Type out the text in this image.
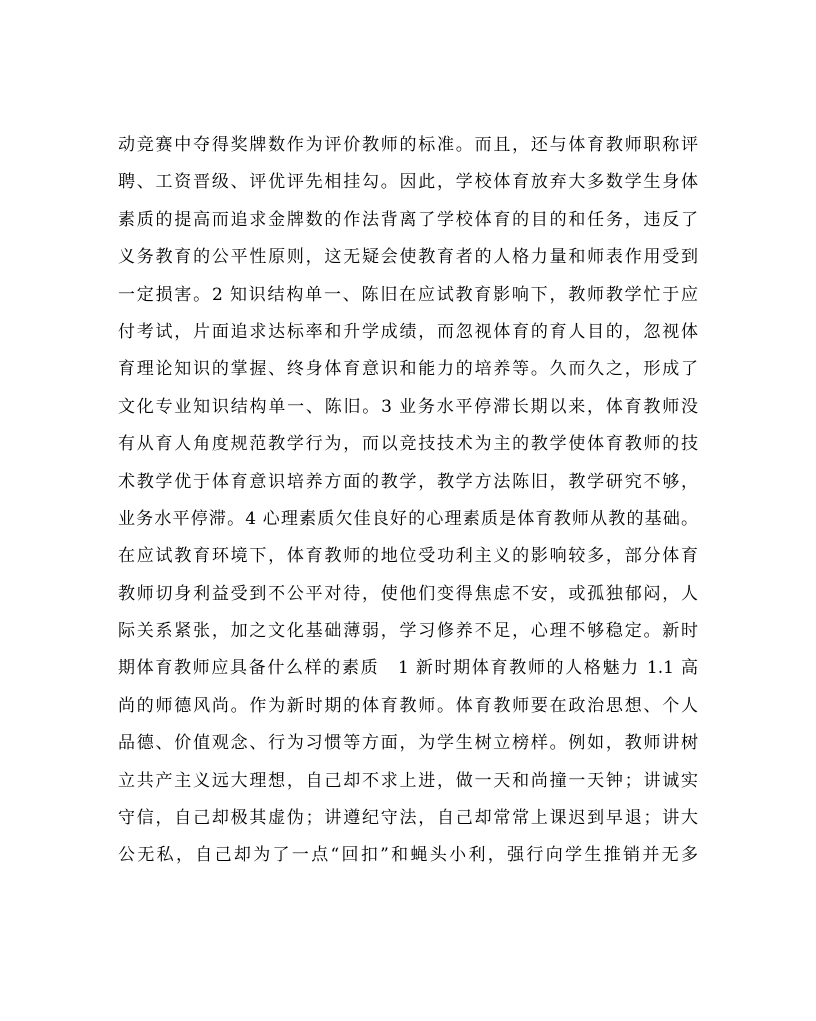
动竞赛中夺得奖牌数作为评价教师的标准。而且，还与体育教师职称评
聘、工资晋级、评优评先相挂勾。因此，学校体育放弃大多数学生身体
素质的提高而追求金牌数的作法背离了学校体育的目的和任务，违反了
义务教育的公平性原则，这无疑会使教育者的人格力量和师表作用受到
一定损害。2 知识结构单一、陈旧在应试教育影响下，教师教学忙于应
付考试，片面追求达标率和升学成绩，而忽视体育的育人目的，忽视体
育理论知识的掌握、终身体育意识和能力的培养等。久而久之，形成了
文化专业知识结构单一、陈旧。3 业务水平停滞长期以来，体育教师没
有从育人角度规范教学行为，而以竞技技术为主的教学使体育教师的技
术教学优于体育意识培养方面的教学，教学方法陈旧，教学研究不够，
业务水平停滞。4 心理素质欠佳良好的心理素质是体育教师从教的基础。
在应试教育环境下，体育教师的地位受功利主义的影响较多，部分体育
教师切身利益受到不公平对待，使他们变得焦虑不安，或孤独郁闷，人
际关系紧张，加之文化基础薄弱，学习修养不足，心理不够稳定。新时
期体育教师应具备什么样的素质　1 新时期体育教师的人格魅力 1.1 高
尚的师德风尚。作为新时期的体育教师。体育教师要在政治思想、个人
品德、价值观念、行为习惯等方面，为学生树立榜样。例如，教师讲树
立共产主义远大理想，自己却不求上进，做一天和尚撞一天钟；讲诚实
守信，自己却极其虚伪；讲遵纪守法，自己却常常上课迟到早退；讲大
公无私，自己却为了一点“回扣”和蝇头小利，强行向学生推销并无多
